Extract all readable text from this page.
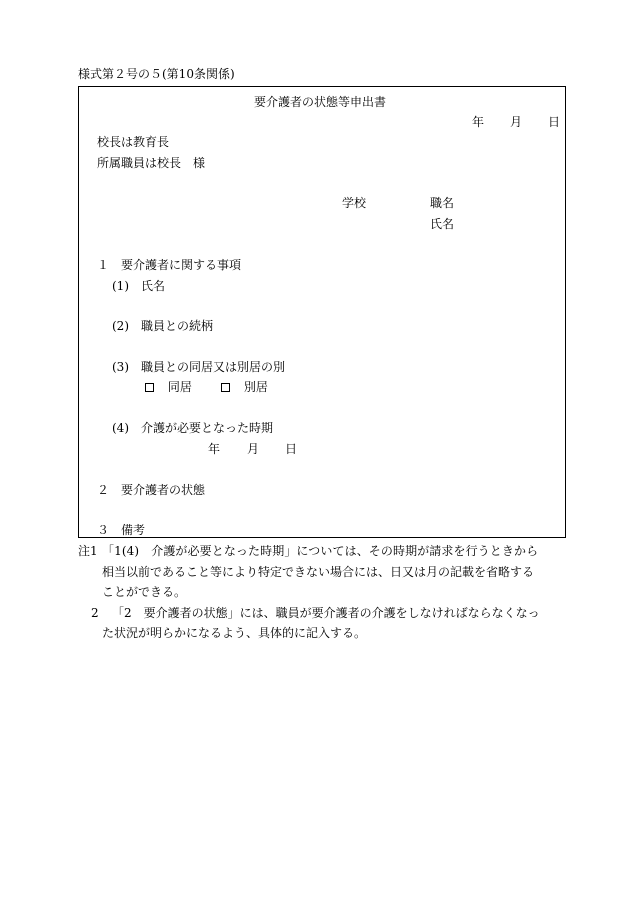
様式第２号の５(第10条関係)
要介護者の状態等申出書
年 月 日
校長は教育長
所属職員は校長　様
学校	職名
氏名
１　要介護者に関する事項
(1)　氏名
(2)　職員との続柄
(3)　職員との同居又は別居の別
同居	別居
(4)　介護が必要となった時期
年 月 日
２　要介護者の状態
３　備考
注1 「1(4)　介護が必要となった時期」については、その時期が請求を行うときから
相当以前であること等により特定できない場合には、日又は月の記載を省略する
ことができる。
2 「2　要介護者の状態」には、職員が要介護者の介護をしなければならなくなっ
た状況が明らかになるよう、具体的に記入する。
